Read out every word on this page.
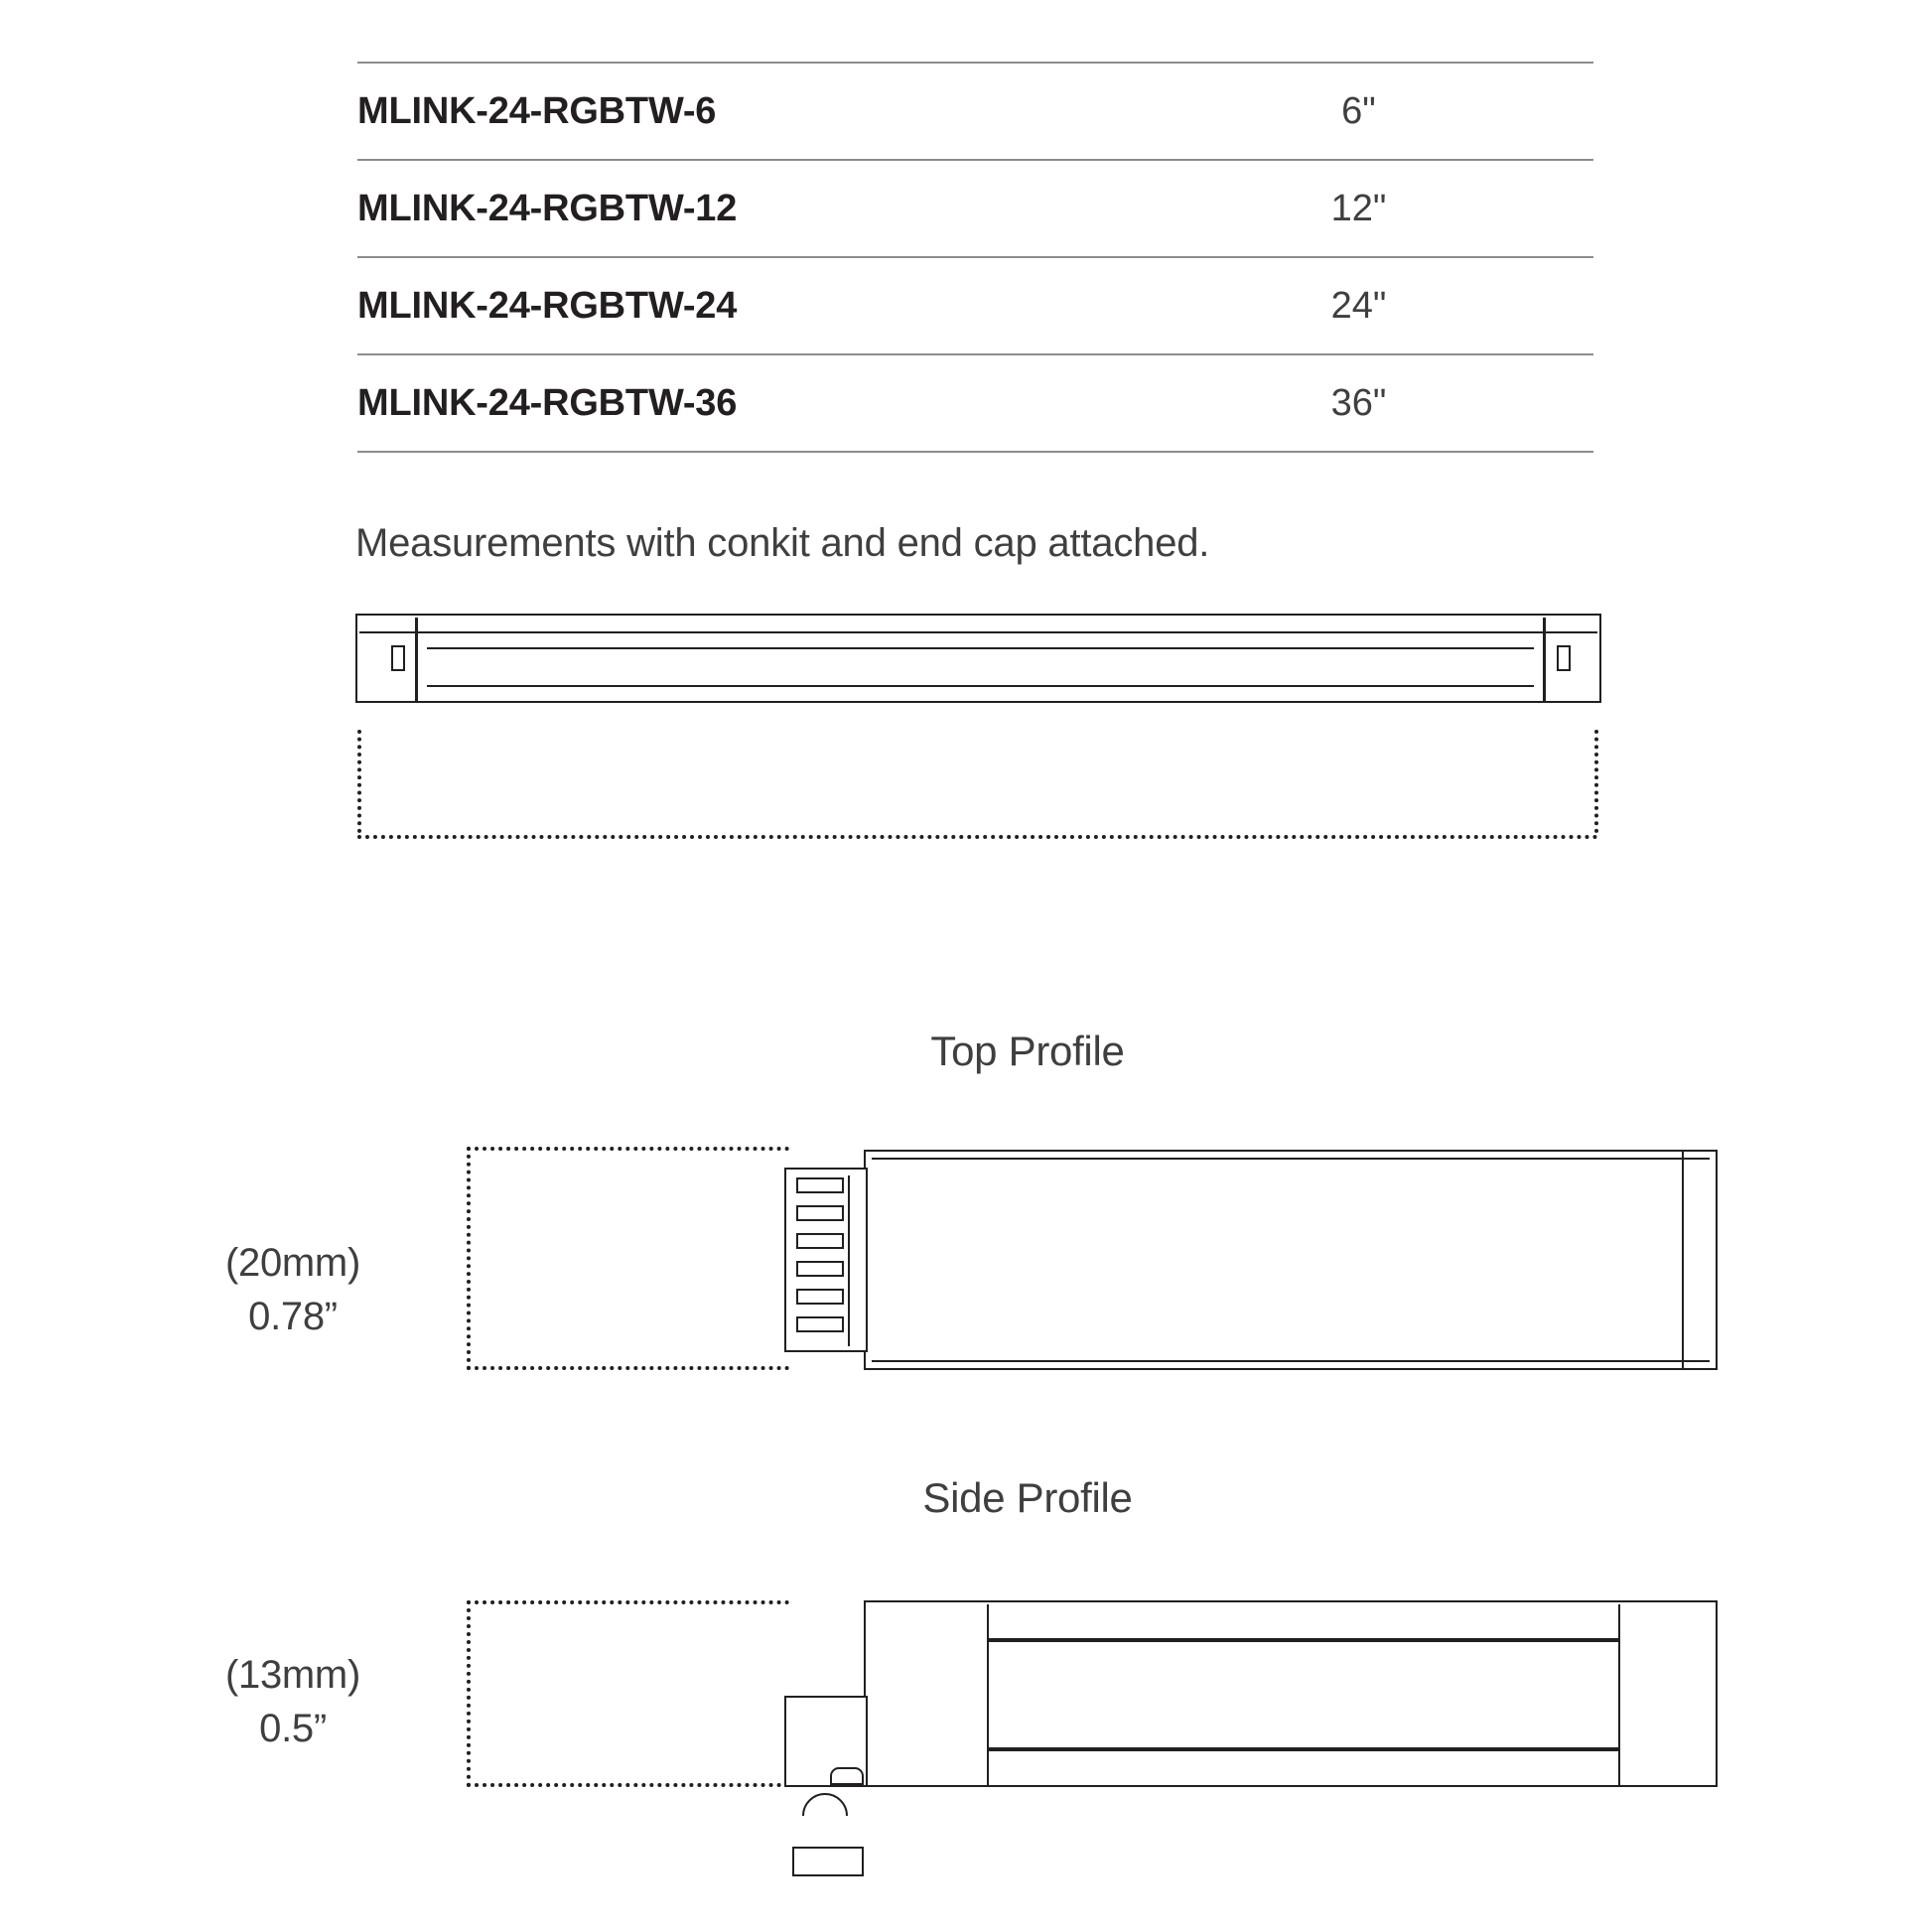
MLINK-24-RGBTW-6	6"
MLINK-24-RGBTW-12	12"
MLINK-24-RGBTW-24	24"
MLINK-24-RGBTW-36	36"
Measurements with conkit and end cap attached.
Top Profile
(20mm)
0.78”
Side Profile
(13mm)
0.5”
